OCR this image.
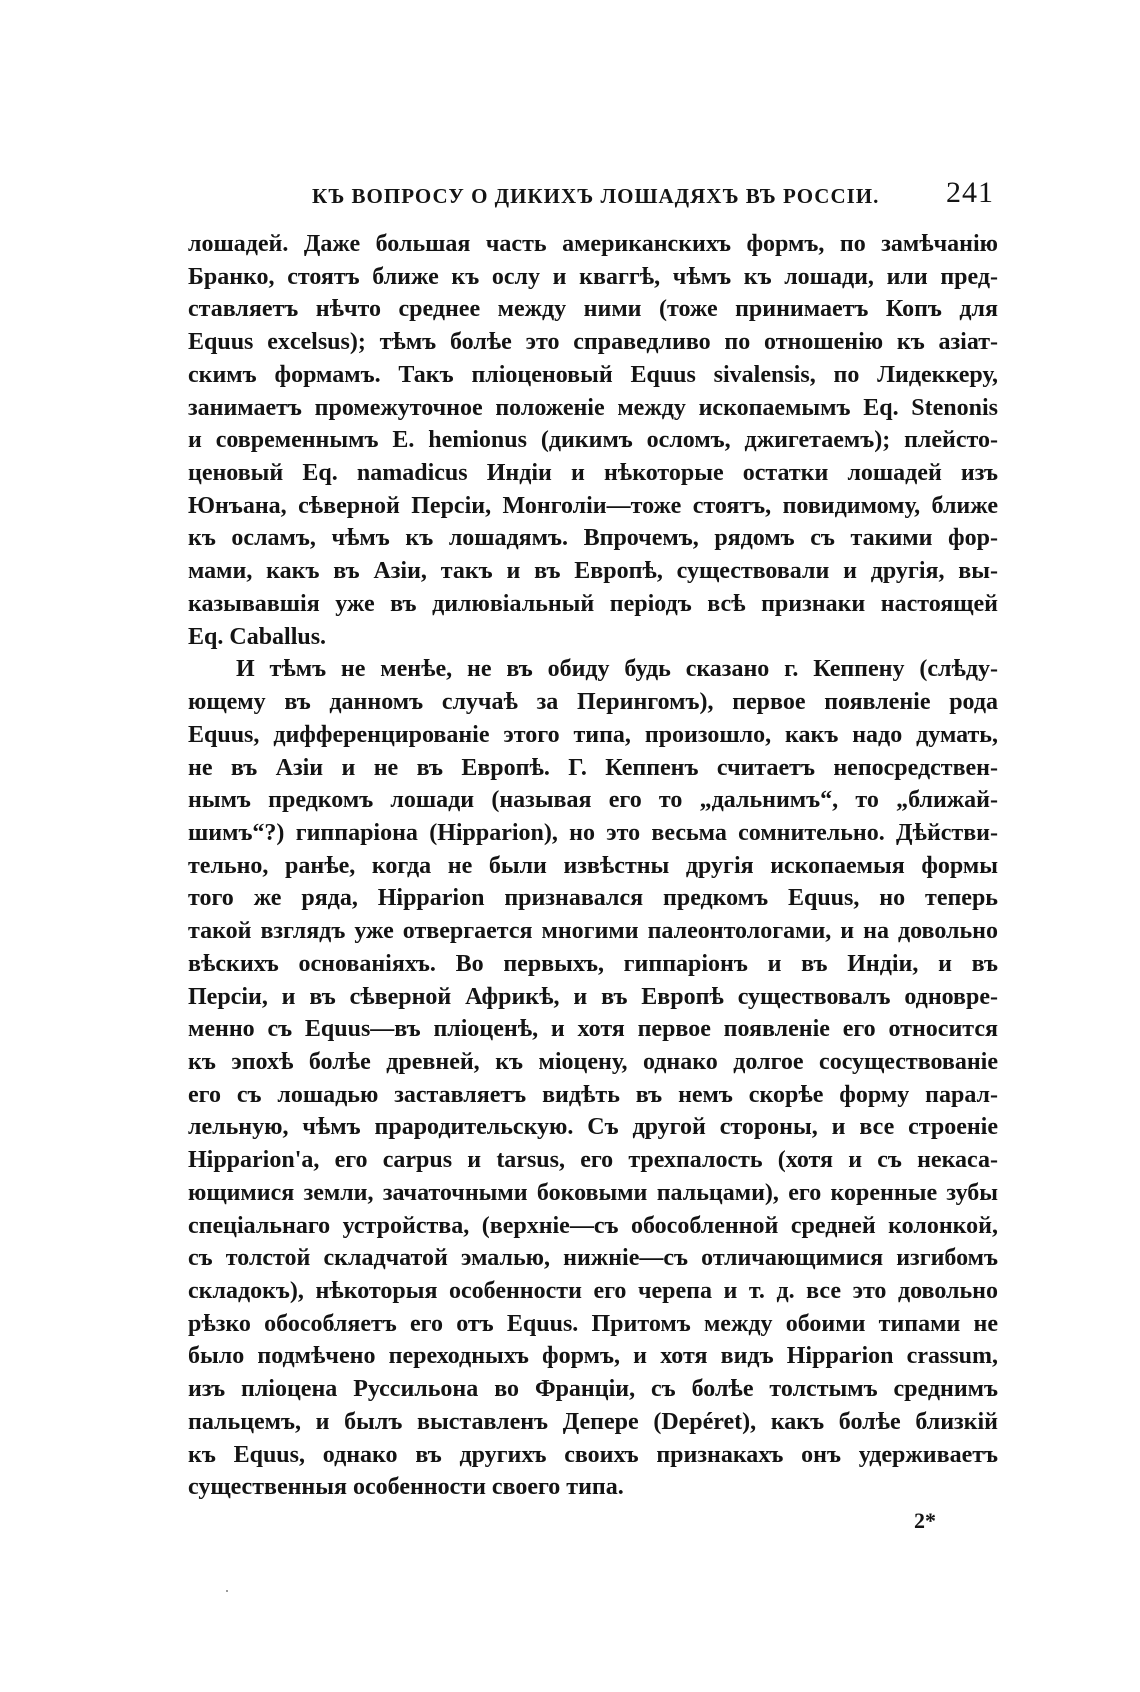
КЪ ВОПРОСУ О ДИКИХЪ ЛОШАДЯХЪ ВЪ РОССІИ. 241
лошадей. Даже большая часть американскихъ формъ, по замѣчанію
Бранко, стоятъ ближе къ ослу и кваггѣ, чѣмъ къ лошади, или пред-
ставляетъ нѣчто среднее между ними (тоже принимаетъ Копъ для
Equus excelsus); тѣмъ болѣе это справедливо по отношенію къ азіат-
скимъ формамъ. Такъ пліоценовый Equus sivalensis, по Лидеккеру,
занимаетъ промежуточное положеніе между ископаемымъ Eq. Stenonis
и современнымъ E. hemionus (дикимъ осломъ, джигетаемъ); плейсто-
ценовый Eq. namadicus Индіи и нѣкоторые остатки лошадей изъ
Юнъана, сѣверной Персіи, Монголіи—тоже стоятъ, повидимому, ближе
къ осламъ, чѣмъ къ лошадямъ. Впрочемъ, рядомъ съ такими фор-
мами, какъ въ Азіи, такъ и въ Европѣ, существовали и другія, вы-
казывавшія уже въ дилювіальный періодъ всѣ признаки настоящей
Eq. Caballus.
И тѣмъ не менѣе, не въ обиду будь сказано г. Кеппену (слѣду-
ющему въ данномъ случаѣ за Перингомъ), первое появленіе рода
Equus, дифференцированіе этого типа, произошло, какъ надо думать,
не въ Азіи и не въ Европѣ. Г. Кеппенъ считаетъ непосредствен-
нымъ предкомъ лошади (называя его то „дальнимъ“, то „ближай-
шимъ“?) гиппаріона (Hipparion), но это весьма сомнительно. Дѣйстви-
тельно, ранѣе, когда не были извѣстны другія ископаемыя формы
того же ряда, Hipparion признавался предкомъ Equus, но теперь
такой взглядъ уже отвергается многими палеонтологами, и на довольно
вѣскихъ основаніяхъ. Во первыхъ, гиппаріонъ и въ Индіи, и въ
Персіи, и въ сѣверной Африкѣ, и въ Европѣ существовалъ одновре-
менно съ Equus—въ пліоценѣ, и хотя первое появленіе его относится
къ эпохѣ болѣе древней, къ міоцену, однако долгое сосуществованіе
его съ лошадью заставляетъ видѣть въ немъ скорѣе форму парал-
лельную, чѣмъ прародительскую. Съ другой стороны, и все строеніе
Hipparion'a, его carpus и tarsus, его трехпалость (хотя и съ некаса-
ющимися земли, зачаточными боковыми пальцами), его коренные зубы
спеціальнаго устройства, (верхніе—съ обособленной средней колонкой,
съ толстой складчатой эмалью, нижніе—съ отличающимися изгибомъ
складокъ), нѣкоторыя особенности его черепа и т. д. все это довольно
рѣзко обособляетъ его отъ Equus. Притомъ между обоими типами не
было подмѣчено переходныхъ формъ, и хотя видъ Hipparion crassum,
изъ пліоцена Руссильона во Франціи, съ болѣе толстымъ среднимъ
пальцемъ, и былъ выставленъ Депере (Depéret), какъ болѣе близкій
къ Equus, однако въ другихъ своихъ признакахъ онъ удерживаетъ
существенныя особенности своего типа.
2*
